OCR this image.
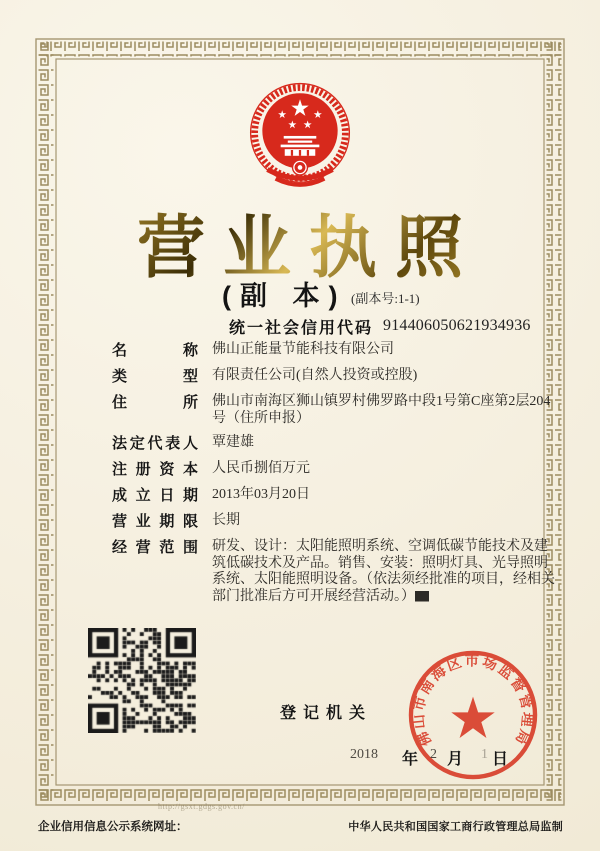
营业执照
(副 本) (副本号:1-1)
统一社会信用代码 914406050621934936
名称 佛山正能量节能科技有限公司
类型 有限责任公司(自然人投资或控股)
住所 佛山市南海区狮山镇罗村佛罗路中段1号第C座第2层204号（住所申报）
法定代表人 覃建雄
注册资本 人民币捌佰万元
成立日期 2013年03月20日
营业期限 长期
经营范围 研发、设计：太阳能照明系统、空调低碳节能技术及建筑低碳技术及产品。销售、安装：照明灯具、光导照明系统、太阳能照明设备。（依法须经批准的项目，经相关部门批准后方可开展经营活动。）▆
登记机关
2018 年 2 月 1 日
佛山市南海区市场监督管理局
http://gsxt.gdgs.gov.cn/
企业信用信息公示系统网址：	中华人民共和国国家工商行政管理总局监制
